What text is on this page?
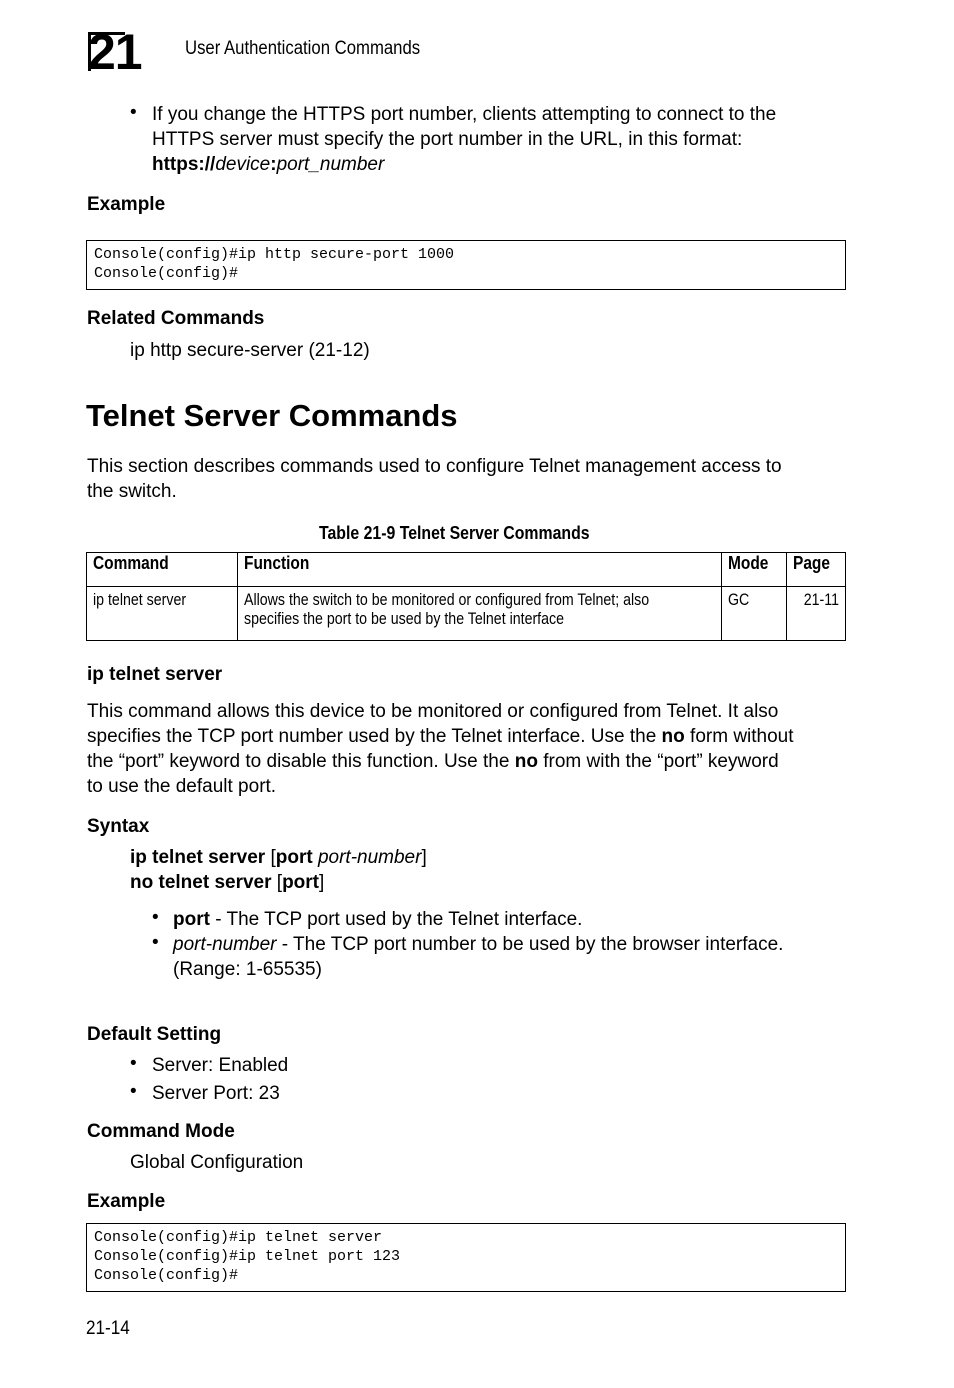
21 User Authentication Commands
• If you change the HTTPS port number, clients attempting to connect to the
HTTPS server must specify the port number in the URL, in this format:
https://device:port_number
Example
Console(config)#ip http secure-port 1000
Console(config)#
Related Commands
ip http secure-server (21-12)
Telnet Server Commands
This section describes commands used to configure Telnet management access to
the switch.
Table 21-9 Telnet Server Commands
Command	Function	Mode	Page
ip telnet server	Allows the switch to be monitored or configured from Telnet; also
specifies the port to be used by the Telnet interface	GC	21-11
ip telnet server
This command allows this device to be monitored or configured from Telnet. It also
specifies the TCP port number used by the Telnet interface. Use the no form without
the “port” keyword to disable this function. Use the no from with the “port” keyword
to use the default port.
Syntax
ip telnet server [port port-number]
no telnet server [port]
• port - The TCP port used by the Telnet interface.
• port-number - The TCP port number to be used by the browser interface.
(Range: 1-65535)
Default Setting
• Server: Enabled
• Server Port: 23
Command Mode
Global Configuration
Example
Console(config)#ip telnet server
Console(config)#ip telnet port 123
Console(config)#
21-14
